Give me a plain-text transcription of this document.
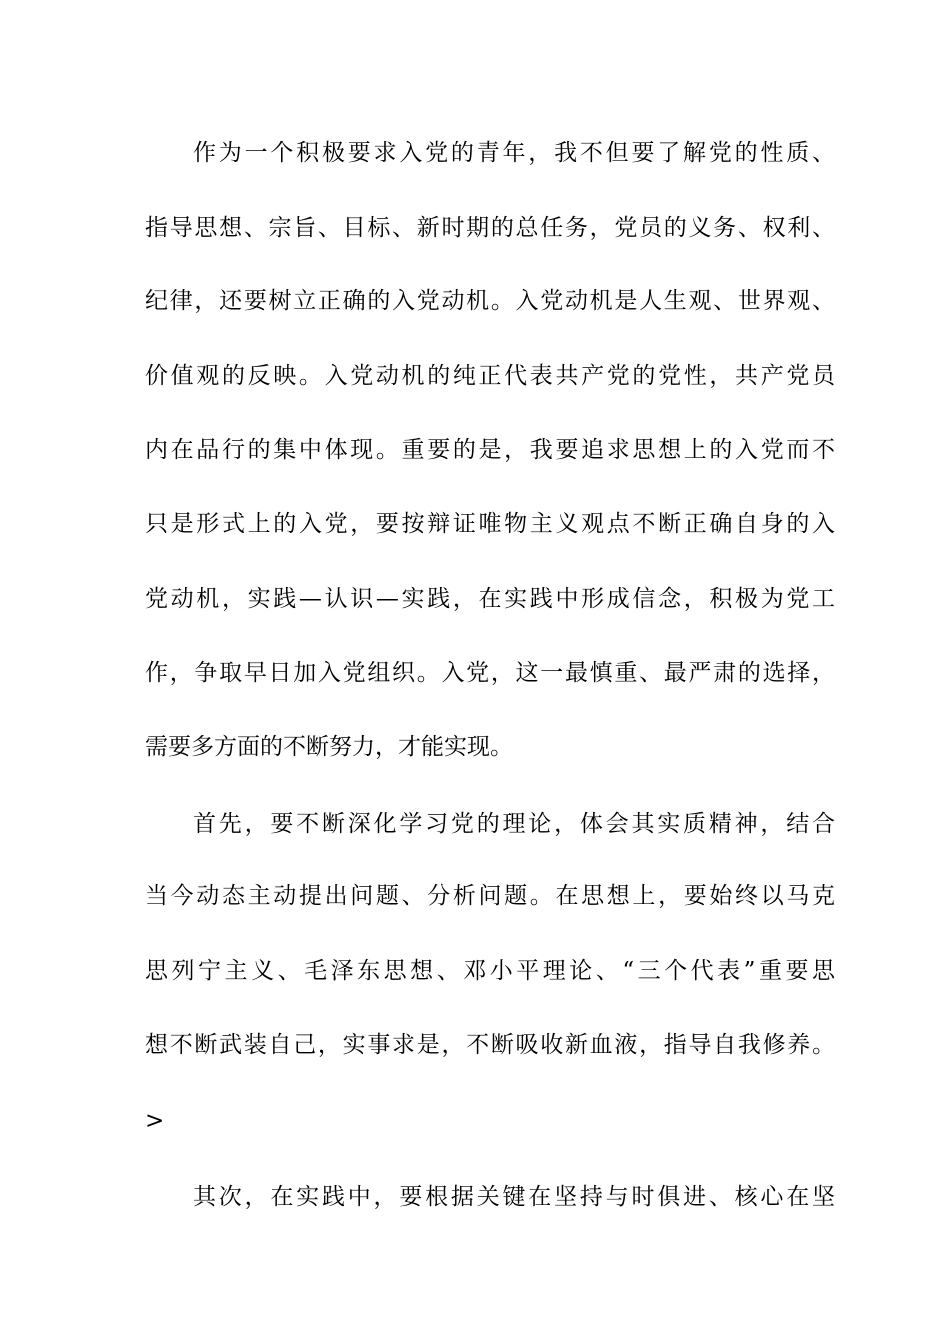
作为一个积极要求入党的青年，我不但要了解党的性质、
指导思想、宗旨、目标、新时期的总任务，党员的义务、权利、
纪律，还要树立正确的入党动机。入党动机是人生观、世界观、
价值观的反映。入党动机的纯正代表共产党的党性，共产党员
内在品行的集中体现。重要的是，我要追求思想上的入党而不
只是形式上的入党，要按辩证唯物主义观点不断正确自身的入
党动机，实践—认识—实践，在实践中形成信念，积极为党工
作，争取早日加入党组织。入党，这一最慎重、最严肃的选择，
需要多方面的不断努力，才能实现。
首先，要不断深化学习党的理论，体会其实质精神，结合
当今动态主动提出问题、分析问题。在思想上，要始终以马克
思列宁主义、毛泽东思想、邓小平理论、“三个代表”重要思
想不断武装自己，实事求是，不断吸收新血液，指导自我修养。
>
其次，在实践中，要根据关键在坚持与时俱进、核心在坚
